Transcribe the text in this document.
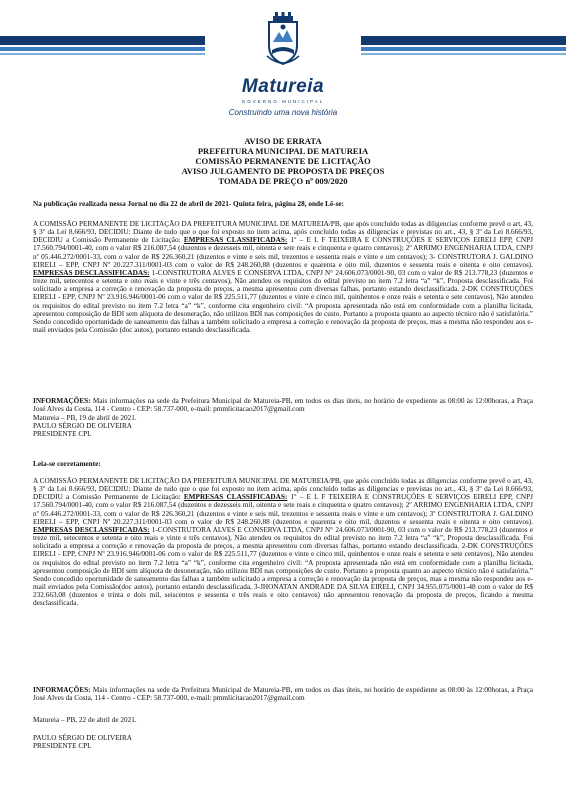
Matureia
GOVERNO MUNICIPAL
Construindo uma nova história
AVISO DE ERRATA
PREFEITURA MUNICIPAL DE MATUREIA
COMISSÃO PERMANENTE DE LICITAÇÃO
AVISO JULGAMENTO DE PROPOSTA DE PREÇOS
TOMADA DE PREÇO nº 009/2020
Na publicação realizada nessa Jornal no dia 22 de abril de 2021- Quinta feira, página 28, onde Lê-se:
A COMISSÃO PERMANENTE DE LICITAÇÃO DA PREFEITURA MUNICIPAL DE MATUREIA/PB, que após concluído todas as diligencias conforme prevê o art, 43, § 3º da Lei 8.666/93, DECIDIU: Diante de tudo que o que foi exposto no item acima, após concluido todas as diligencias e previstas no art., 43, § 3º da Lei 8.666/93, DECIDIU a Comissão Permanente de Licitação: EMPRESAS CLASSIFICADAS: 1º – E L F TEIXEIRA E CONSTRUÇÕES E SERVIÇOS EIRELI EPP, CNPJ 17.560.794/0001-40, com o valor R$ 216.087,54 (duzentos e dezesseis mil, oitenta e sete reais e cinquenta e quatro centavos); 2º ARRIMO ENGENHARIA LTDA, CNPJ nº 05.446.272/0001-33, com o valor de R$ 226.360,21 (duzentos e vinte e seis mil, trezentos e sessenta reais e vinte e um centavos); 3- CONSTRUTORA J. GALDINO EIRELI – EPP, CNPJ Nº 20.227.311/0001-03 com o valor de R$ 248.260,88 (duzentos e quarenta e oito mil, duzentos e sessenta reais e oitenta e oito centavos). EMPRESAS DESCLASSIFICADAS: 1-CONSTRUTORA ALVES E CONSERVA LTDA, CNPJ N° 24.606.073/0001-90, 03 com o valor de R$ 213.778,23 (duzentos e treze mil, setecentos e setenta e oito reais e vinte e três centavos), Não atendeu os requisitos do edital previsto no item 7.2 letra “a” “k”, Proposta desclassificada. Foi solicitado a empresa a correção e renovação da proposta de preços, a mesma apresentou com diversas falhas, portanto estando desclassificada. 2-DK CONSTRUÇÕES EIRELI - EPP, CNPJ Nº 23.916.946/0001-06 com o valor de R$ 225.511,77 (duzentos e vinte e cinco mil, quinhentos e onze reais e setenta e sete centavos), Não atendeu os requisitos do edital previsto no item 7.2 letra “a” “k”, conforme cita engenheiro civil: “A proposta apresentada não está em conformidade com a planilha licitada, apresentou composição de BDI sem alíquota de desoneração, não utilizou BDI nas composições de custo. Portanto a proposta quanto ao aspecto técnico não é satisfatória.” Sendo concedido oportunidade de saneamento das falhas a também solicitado a empresa a correção e renovação da proposta de preços, mas a mesma não respondeu aos e-mail enviados pela Comissão (doc autos), portanto estando desclassificada.
INFORMAÇÕES: Mais informações na sede da Prefeitura Municipal de Matureia-PB, em todos os dias úteis, no horário de expediente as 08:00 às 12:00horas, a Praça José Alves da Costa, 114 - Centro - CEP: 58.737-000, e-mail: pmmlicitacao2017@gmail.com
Matureia – PB, 19 de abril de 2021.
PAULO SÉRGIO DE OLIVEIRA
PRESIDENTE CPL
Leia-se corretamente:
A COMISSÃO PERMANENTE DE LICITAÇÃO DA PREFEITURA MUNICIPAL DE MATUREIA/PB, que após concluído todas as diligencias conforme prevê o art, 43, § 3º da Lei 8.666/93, DECIDIU: Diante de tudo que o que foi exposto no item acima, após concluido todas as diligencias e previstas no art., 43, § 3º da Lei 8.666/93, DECIDIU a Comissão Permanente de Licitação: EMPRESAS CLASSIFICADAS: 1º – E L F TEIXEIRA E CONSTRUÇÕES E SERVIÇOS EIRELI EPP, CNPJ 17.560.794/0001-40, com o valor R$ 216.087,54 (duzentos e dezesseis mil, oitenta e sete reais e cinquenta e quatro centavos); 2º ARRIMO ENGENHARIA LTDA, CNPJ nº 05.446.272/0001-33, com o valor de R$ 226.360,21 (duzentos e vinte e seis mil, trezentos e sessenta reais e vinte e um centavos); 3º CONSTRUTORA J. GALDINO EIRELI – EPP, CNPJ Nº 20.227.311/0001-03 com o valor de R$ 248.260,88 (duzentos e quarenta e oito mil, duzentos e sessenta reais e oitenta e oito centavos). EMPRESAS DESCLASSIFICADAS: 1-CONSTRUTORA ALVES E CONSERVA LTDA, CNPJ N° 24.606.073/0001-90, 03 com o valor de R$ 213.778,23 (duzentos e treze mil, setecentos e setenta e oito reais e vinte e três centavos), Não atendeu os requisitos do edital previsto no item 7.2 letra “a” “k”, Proposta desclassificada. Foi solicitado a empresa a correção e renovação da proposta de preços, a mesma apresentou com diversas falhas, portanto estando desclassificada. 2-DK CONSTRUÇÕES EIRELI - EPP, CNPJ Nº 23.916.946/0001-06 com o valor de R$ 225.511,77 (duzentos e vinte e cinco mil, quinhentos e onze reais e setenta e sete centavos), Não atendeu os requisitos do edital previsto no item 7.2 letra “a” “k”, conforme cita engenheiro civil: “A proposta apresentada não está em conformidade com a planilha licitada, apresentou composição de BDI sem alíquota de desoneração, não utilizou BDI nas composições de custo. Portanto a proposta quanto ao aspecto técnico não é satisfatória.” Sendo concedido oportunidade de saneamento das falhas a também solicitado a empresa a correção e renovação da proposta de preços, mas a mesma não respondeu aos e-mail enviados pela Comissão(doc autos), portanto estando desclassificada, 3-JHONATAN ANDRADE DA SILVA EIRELI, CNPJ 34.955.075/0001-48 com o valor de R$ 232.663,08 (duzentos e trinta e dois mil, seiscentos e sessenta e três reais e oito centavos) não apresentou renovação da proposta de preços, ficando a mesma desclassificada.
INFORMAÇÕES: Mais informações na sede da Prefeitura Municipal de Matureia-PB, em todos os dias úteis, no horário de expediente as 08:00 às 12:00horas, a Praça José Alves da Costa, 114 - Centro - CEP: 58.737-000, e-mail: pmmlicitacao2017@gmail.com
Matureia – PB, 22 de abril de 2021.
PAULO SÉRGIO DE OLIVEIRA
PRESIDENTE CPL
